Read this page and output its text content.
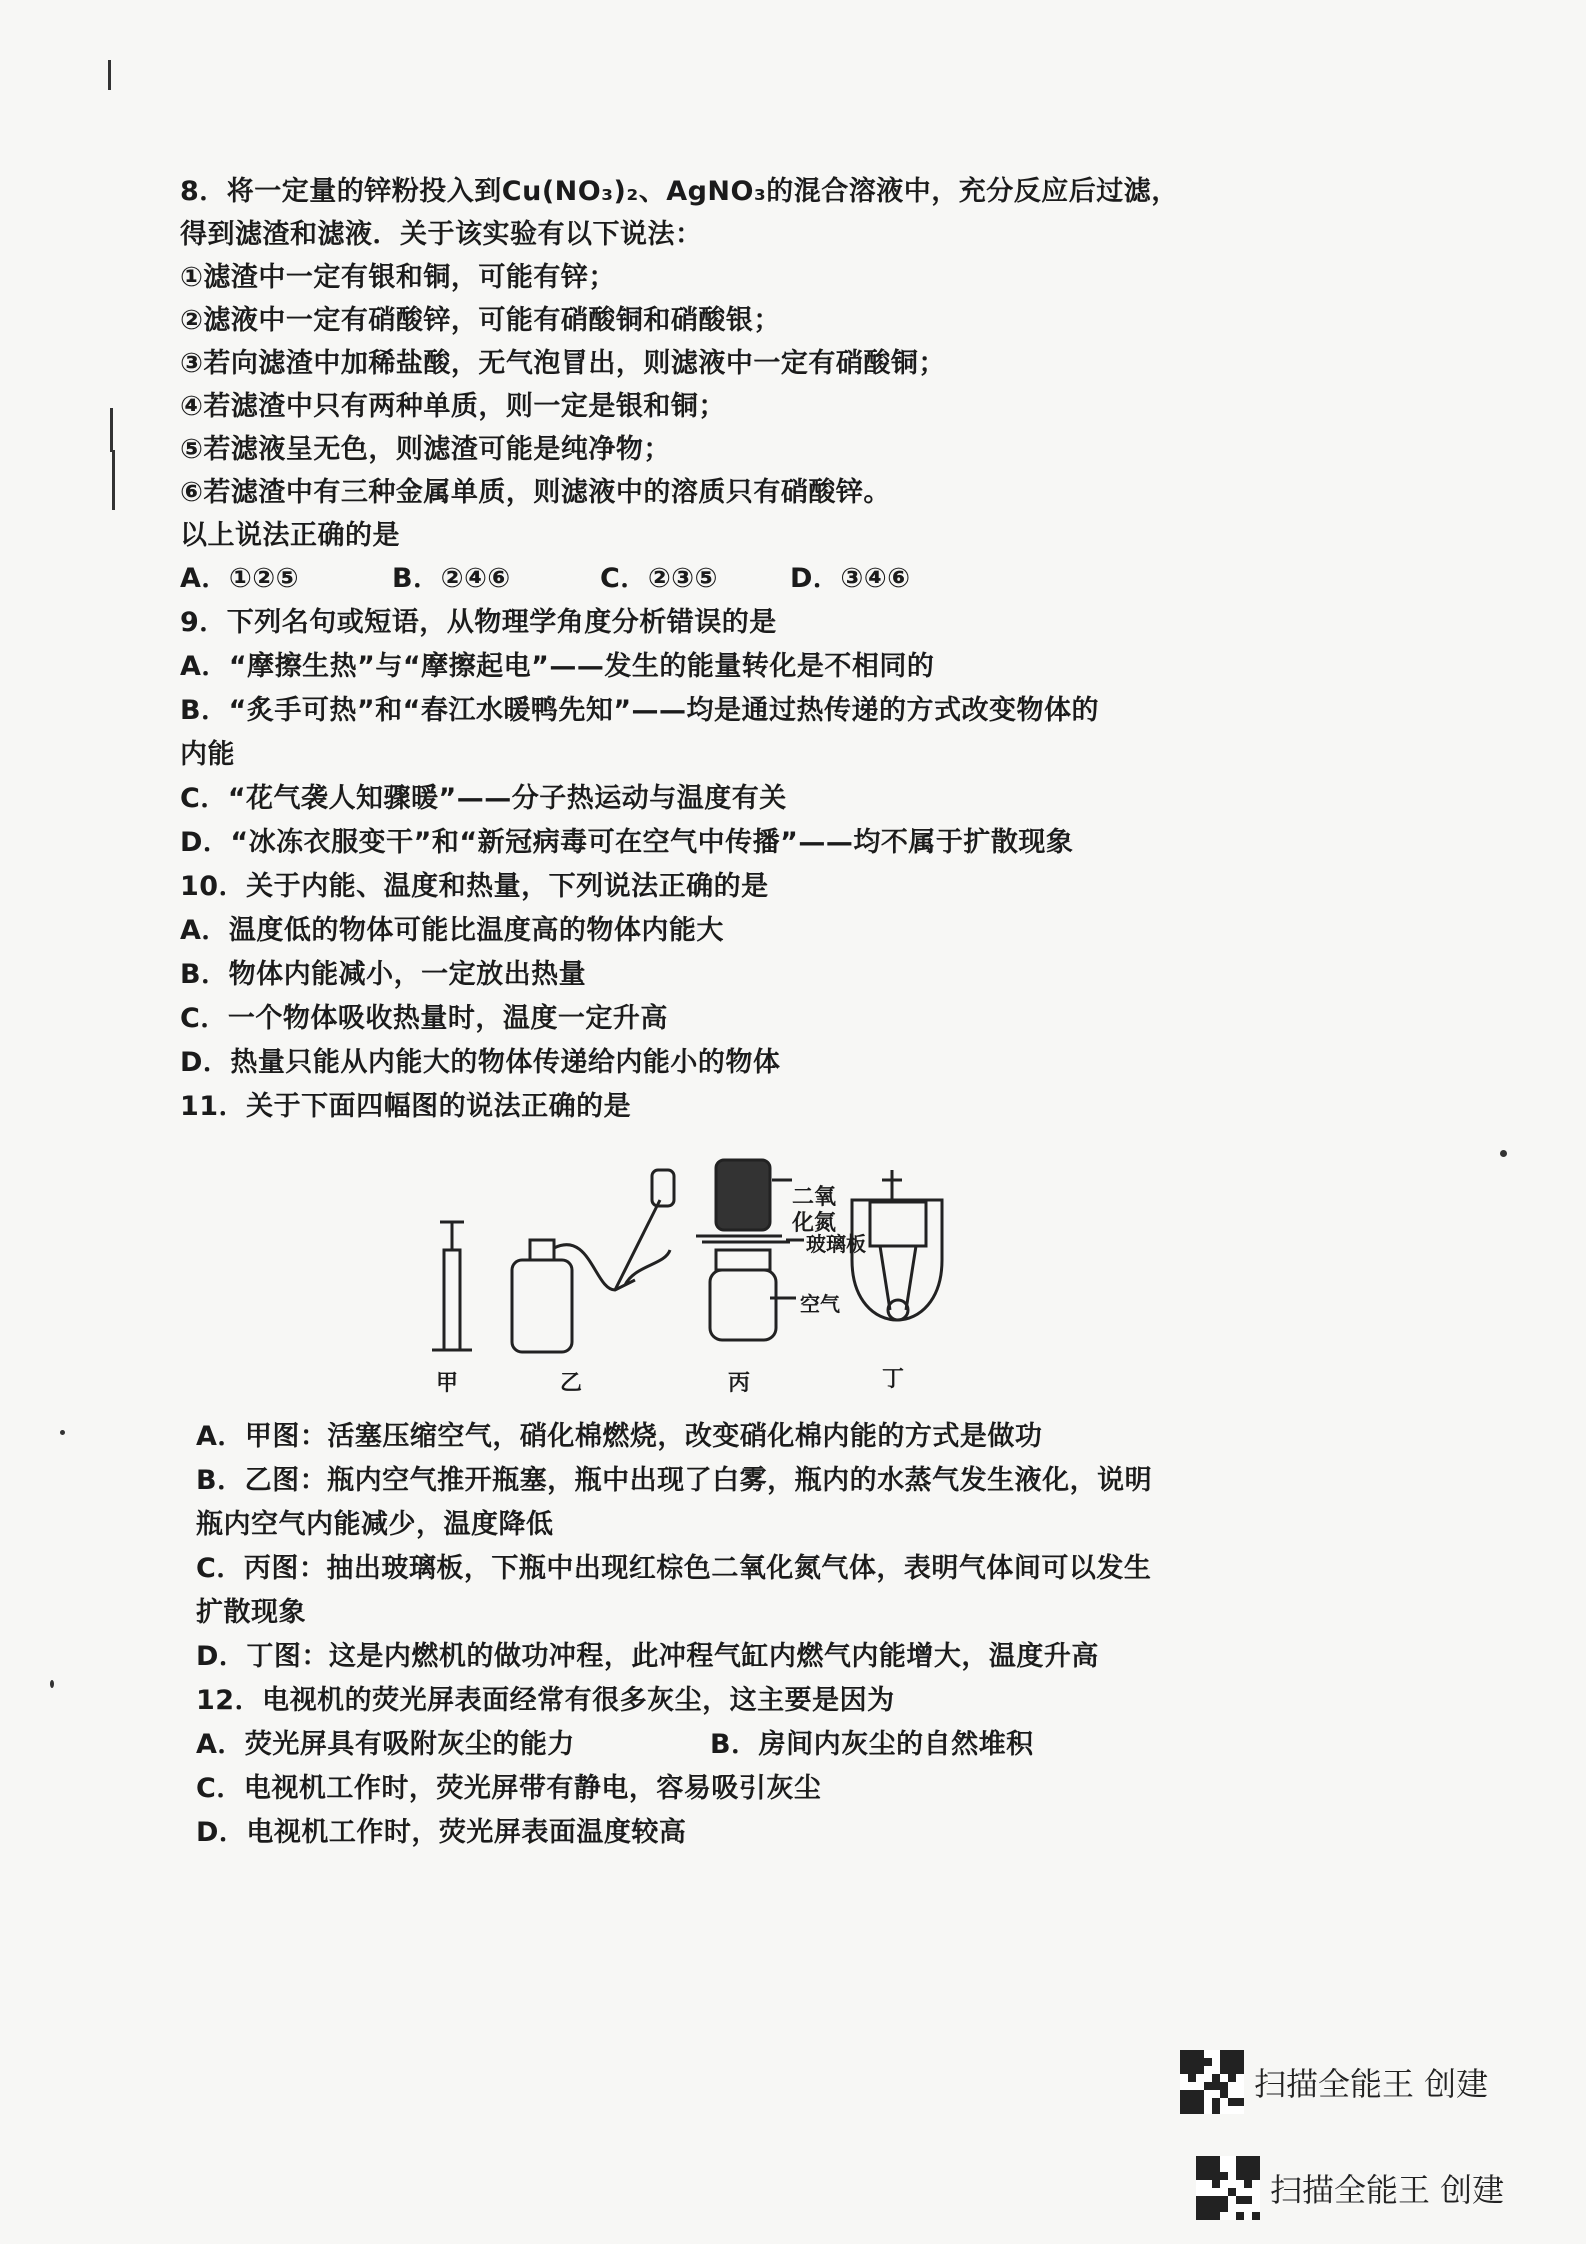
8．将一定量的锌粉投入到Cu(NO₃)₂、AgNO₃的混合溶液中，充分反应后过滤，
得到滤渣和滤液．关于该实验有以下说法：
①滤渣中一定有银和铜，可能有锌；
②滤液中一定有硝酸锌，可能有硝酸铜和硝酸银；
③若向滤渣中加稀盐酸，无气泡冒出，则滤液中一定有硝酸铜；
④若滤渣中只有两种单质，则一定是银和铜；
⑤若滤液呈无色，则滤渣可能是纯净物；
⑥若滤渣中有三种金属单质，则滤液中的溶质只有硝酸锌。
以上说法正确的是
A．①②⑤	B．②④⑥	C．②③⑤	D．③④⑥
9．下列名句或短语，从物理学角度分析错误的是
A．“摩擦生热”与“摩擦起电”——发生的能量转化是不相同的
B．“炙手可热”和“春江水暖鸭先知”——均是通过热传递的方式改变物体的
内能
C．“花气袭人知骤暖”——分子热运动与温度有关
D．“冰冻衣服变干”和“新冠病毒可在空气中传播”——均不属于扩散现象
10．关于内能、温度和热量，下列说法正确的是
A．温度低的物体可能比温度高的物体内能大
B．物体内能减小，一定放出热量
C．一个物体吸收热量时，温度一定升高
D．热量只能从内能大的物体传递给内能小的物体
11．关于下面四幅图的说法正确的是
二氧
化氮
玻璃板
空气
甲	乙	丙	丁
A．甲图：活塞压缩空气，硝化棉燃烧，改变硝化棉内能的方式是做功
B．乙图：瓶内空气推开瓶塞，瓶中出现了白雾，瓶内的水蒸气发生液化，说明
瓶内空气内能减少，温度降低
C．丙图：抽出玻璃板，下瓶中出现红棕色二氧化氮气体，表明气体间可以发生
扩散现象
D．丁图：这是内燃机的做功冲程，此冲程气缸内燃气内能增大，温度升高
12．电视机的荧光屏表面经常有很多灰尘，这主要是因为
A．荧光屏具有吸附灰尘的能力	B．房间内灰尘的自然堆积
C．电视机工作时，荧光屏带有静电，容易吸引灰尘
D．电视机工作时，荧光屏表面温度较高
扫描全能王 创建
扫描全能王 创建
